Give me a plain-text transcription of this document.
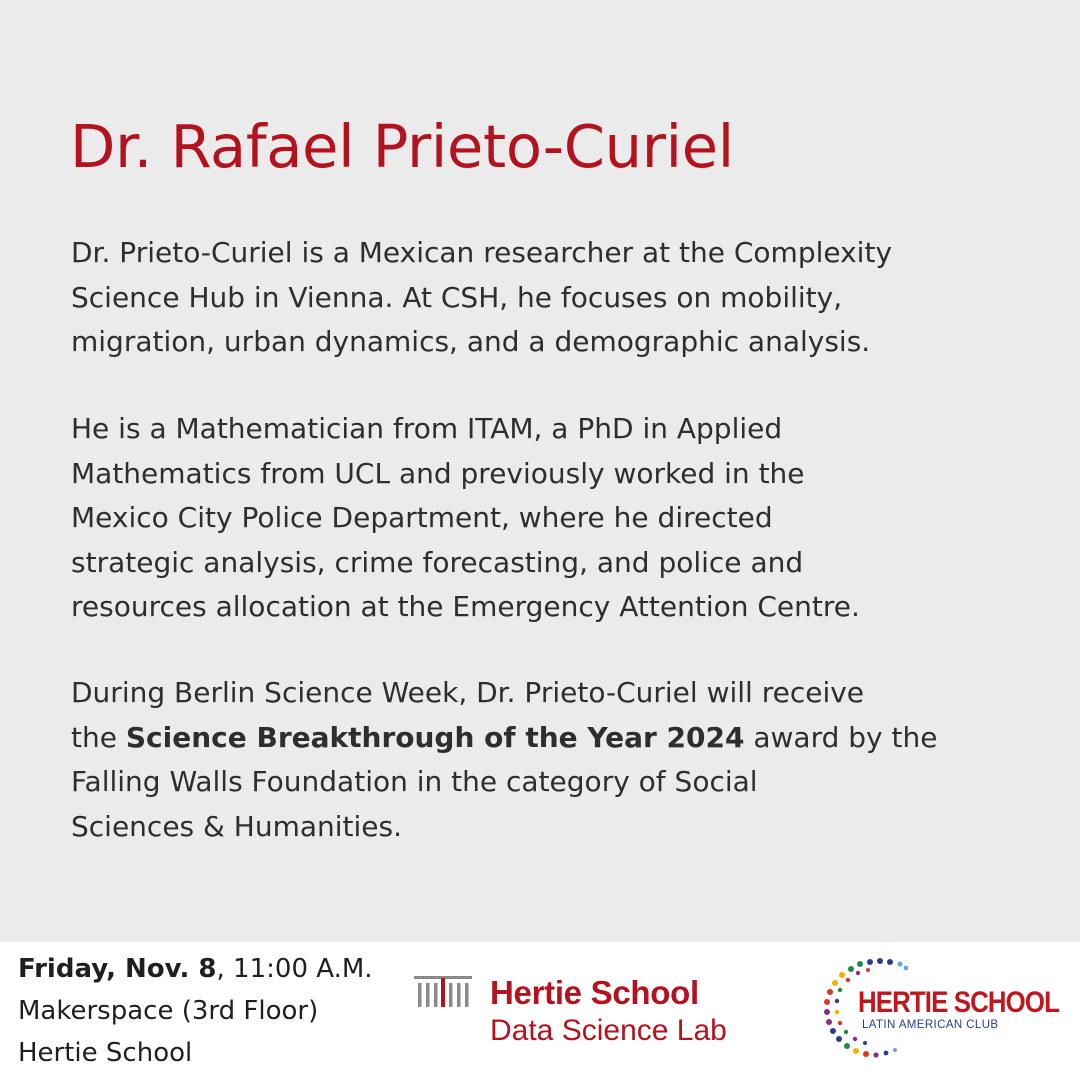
Dr. Rafael Prieto-Curiel

Dr. Prieto-Curiel is a Mexican researcher at the Complexity
Science Hub in Vienna. At CSH, he focuses on mobility,
migration, urban dynamics, and a demographic analysis.

He is a Mathematician from ITAM, a PhD in Applied
Mathematics from UCL and previously worked in the
Mexico City Police Department, where he directed
strategic analysis, crime forecasting, and police and
resources allocation at the Emergency Attention Centre.

During Berlin Science Week, Dr. Prieto-Curiel will receive
the Science Breakthrough of the Year 2024 award by the
Falling Walls Foundation in the category of Social
Sciences & Humanities.

Friday, Nov. 8, 11:00 A.M.
Makerspace (3rd Floor)
Hertie School
Hertie School
Data Science Lab
HERTIE SCHOOL
LATIN AMERICAN CLUB
